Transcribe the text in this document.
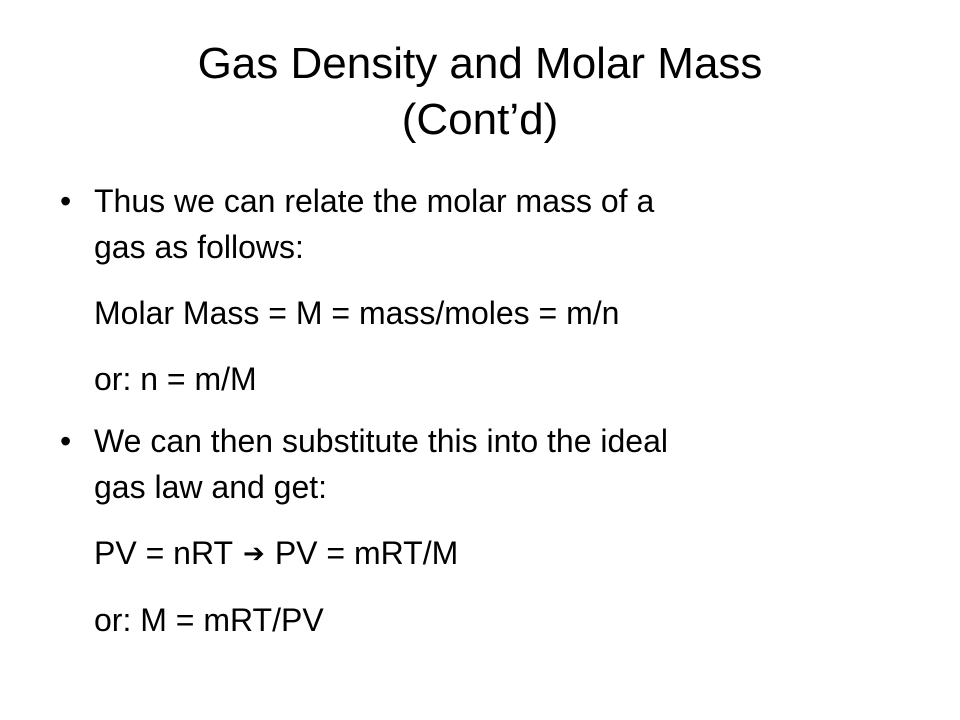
Gas Density and Molar Mass
(Cont’d)
• Thus we can relate the molar mass of a
gas as follows:
Molar Mass = M = mass/moles = m/n
or: n = m/M
• We can then substitute this into the ideal
gas law and get:
PV = nRT ➔ PV = mRT/M
or: M = mRT/PV
